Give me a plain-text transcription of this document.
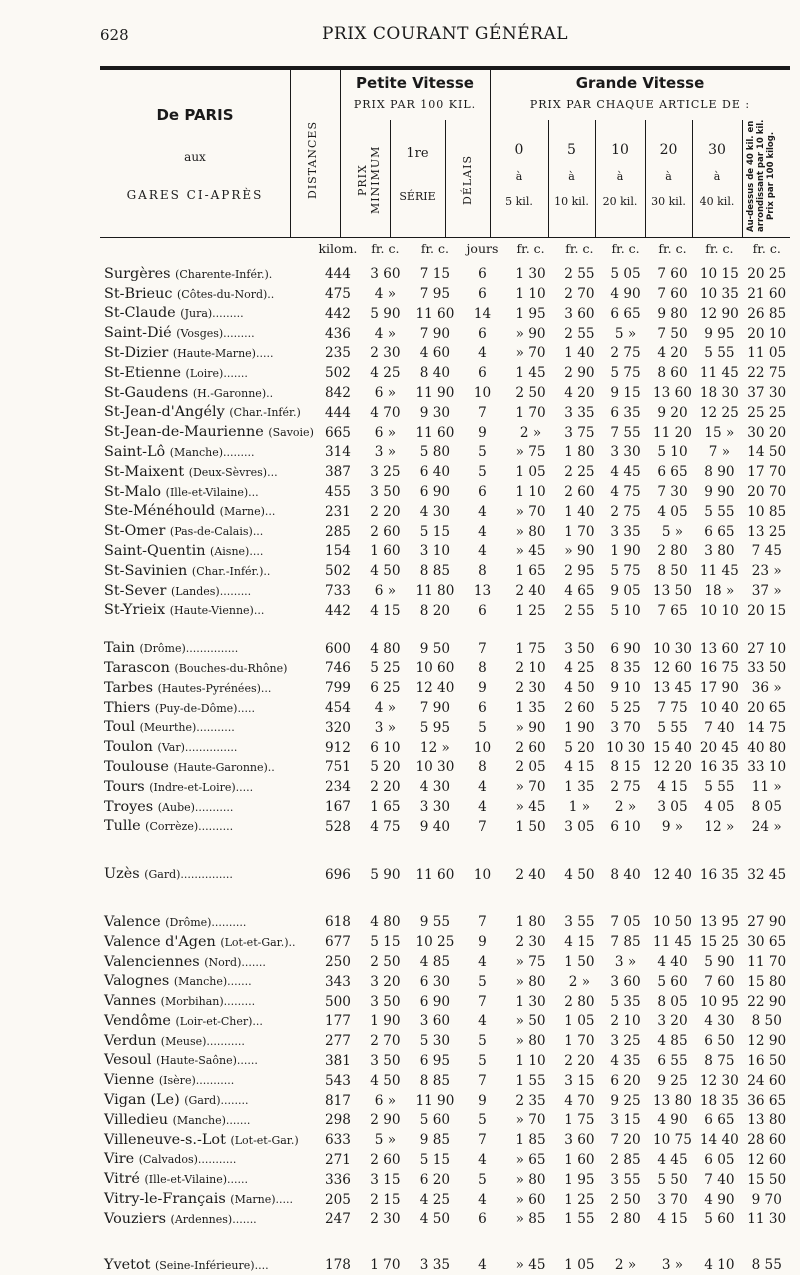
628	PRIX COURANT GÉNÉRAL
De PARIS
aux
GARES CI-APRÈS	DISTANCES
Petite Vitesse
PRIX PAR 100 KIL.
PRIX MINIMUM	1re
SÉRIE	DÉLAIS
Grande Vitesse
PRIX PAR CHAQUE ARTICLE DE :
0
à
5 kil.
5
à
10 kil.
10
à
20 kil.
20
à
30 kil.
30
à
40 kil.	Au-dessus de 40 kil. en arrondissant par 10 kil. Prix par 100 kilog.
	kilom.	fr. c.	fr. c.	jours	fr. c.	fr. c.	fr. c.	fr. c.	fr. c.	fr. c.

Surgères (Charente-Infér.).	444	3 60	7 15	6	1 30	2 55	5 05	7 60	10 15	20 25
St-Brieuc (Côtes-du-Nord)..	475	4 »	7 95	6	1 10	2 70	4 90	7 60	10 35	21 60
St-Claude (Jura).........	442	5 90	11 60	14	1 95	3 60	6 65	9 80	12 90	26 85
Saint-Dié (Vosges).........	436	4 »	7 90	6	» 90	2 55	5 »	7 50	9 95	20 10
St-Dizier (Haute-Marne).....	235	2 30	4 60	4	» 70	1 40	2 75	4 20	5 55	11 05
St-Etienne (Loire).......	502	4 25	8 40	6	1 45	2 90	5 75	8 60	11 45	22 75
St-Gaudens (H.-Garonne)..	842	6 »	11 90	10	2 50	4 20	9 15	13 60	18 30	37 30
St-Jean-d'Angély (Char.-Infér.)	444	4 70	9 30	7	1 70	3 35	6 35	9 20	12 25	25 25
St-Jean-de-Maurienne (Savoie)	665	6 »	11 60	9	2 »	3 75	7 55	11 20	15 »	30 20
Saint-Lô (Manche).........	314	3 »	5 80	5	» 75	1 80	3 30	5 10	7 »	14 50
St-Maixent (Deux-Sèvres)...	387	3 25	6 40	5	1 05	2 25	4 45	6 65	8 90	17 70
St-Malo (Ille-et-Vilaine)...	455	3 50	6 90	6	1 10	2 60	4 75	7 30	9 90	20 70
Ste-Ménéhould (Marne)...	231	2 20	4 30	4	» 70	1 40	2 75	4 05	5 55	10 85
St-Omer (Pas-de-Calais)...	285	2 60	5 15	4	» 80	1 70	3 35	5 »	6 65	13 25
Saint-Quentin (Aisne)....	154	1 60	3 10	4	» 45	» 90	1 90	2 80	3 80	7 45
St-Savinien (Char.-Infér.)..	502	4 50	8 85	8	1 65	2 95	5 75	8 50	11 45	23 »
St-Sever (Landes).........	733	6 »	11 80	13	2 40	4 65	9 05	13 50	18 »	37 »
St-Yrieix (Haute-Vienne)...	442	4 15	8 20	6	1 25	2 55	5 10	7 65	10 10	20 15

Tain (Drôme)...............	600	4 80	9 50	7	1 75	3 50	6 90	10 30	13 60	27 10
Tarascon (Bouches-du-Rhône)	746	5 25	10 60	8	2 10	4 25	8 35	12 60	16 75	33 50
Tarbes (Hautes-Pyrénées)...	799	6 25	12 40	9	2 30	4 50	9 10	13 45	17 90	36 »
Thiers (Puy-de-Dôme).....	454	4 »	7 90	6	1 35	2 60	5 25	7 75	10 40	20 65
Toul (Meurthe)...........	320	3 »	5 95	5	» 90	1 90	3 70	5 55	7 40	14 75
Toulon (Var)...............	912	6 10	12 »	10	2 60	5 20	10 30	15 40	20 45	40 80
Toulouse (Haute-Garonne)..	751	5 20	10 30	8	2 05	4 15	8 15	12 20	16 35	33 10
Tours (Indre-et-Loire).....	234	2 20	4 30	4	» 70	1 35	2 75	4 15	5 55	11 »
Troyes (Aube)...........	167	1 65	3 30	4	» 45	1 »	2 »	3 05	4 05	8 05
Tulle (Corrèze)..........	528	4 75	9 40	7	1 50	3 05	6 10	9 »	12 »	24 »

Uzès (Gard)...............	696	5 90	11 60	10	2 40	4 50	8 40	12 40	16 35	32 45

Valence (Drôme)..........	618	4 80	9 55	7	1 80	3 55	7 05	10 50	13 95	27 90
Valence d'Agen (Lot-et-Gar.)..	677	5 15	10 25	9	2 30	4 15	7 85	11 45	15 25	30 65
Valenciennes (Nord).......	250	2 50	4 85	4	» 75	1 50	3 »	4 40	5 90	11 70
Valognes (Manche).......	343	3 20	6 30	5	» 80	2 »	3 60	5 60	7 60	15 80
Vannes (Morbihan).........	500	3 50	6 90	7	1 30	2 80	5 35	8 05	10 95	22 90
Vendôme (Loir-et-Cher)...	177	1 90	3 60	4	» 50	1 05	2 10	3 20	4 30	8 50
Verdun (Meuse)...........	277	2 70	5 30	5	» 80	1 70	3 25	4 85	6 50	12 90
Vesoul (Haute-Saône)......	381	3 50	6 95	5	1 10	2 20	4 35	6 55	8 75	16 50
Vienne (Isère)...........	543	4 50	8 85	7	1 55	3 15	6 20	9 25	12 30	24 60
Vigan (Le) (Gard)........	817	6 »	11 90	9	2 35	4 70	9 25	13 80	18 35	36 65
Villedieu (Manche).......	298	2 90	5 60	5	» 70	1 75	3 15	4 90	6 65	13 80
Villeneuve-s.-Lot (Lot-et-Gar.)	633	5 »	9 85	7	1 85	3 60	7 20	10 75	14 40	28 60
Vire (Calvados)...........	271	2 60	5 15	4	» 65	1 60	2 85	4 45	6 05	12 60
Vitré (Ille-et-Vilaine)......	336	3 15	6 20	5	» 80	1 95	3 55	5 50	7 40	15 50
Vitry-le-Français (Marne).....	205	2 15	4 25	4	» 60	1 25	2 50	3 70	4 90	9 70
Vouziers (Ardennes).......	247	2 30	4 50	6	» 85	1 55	2 80	4 15	5 60	11 30

Yvetot (Seine-Inférieure)....	178	1 70	3 35	4	» 45	1 05	2 »	3 »	4 10	8 55
